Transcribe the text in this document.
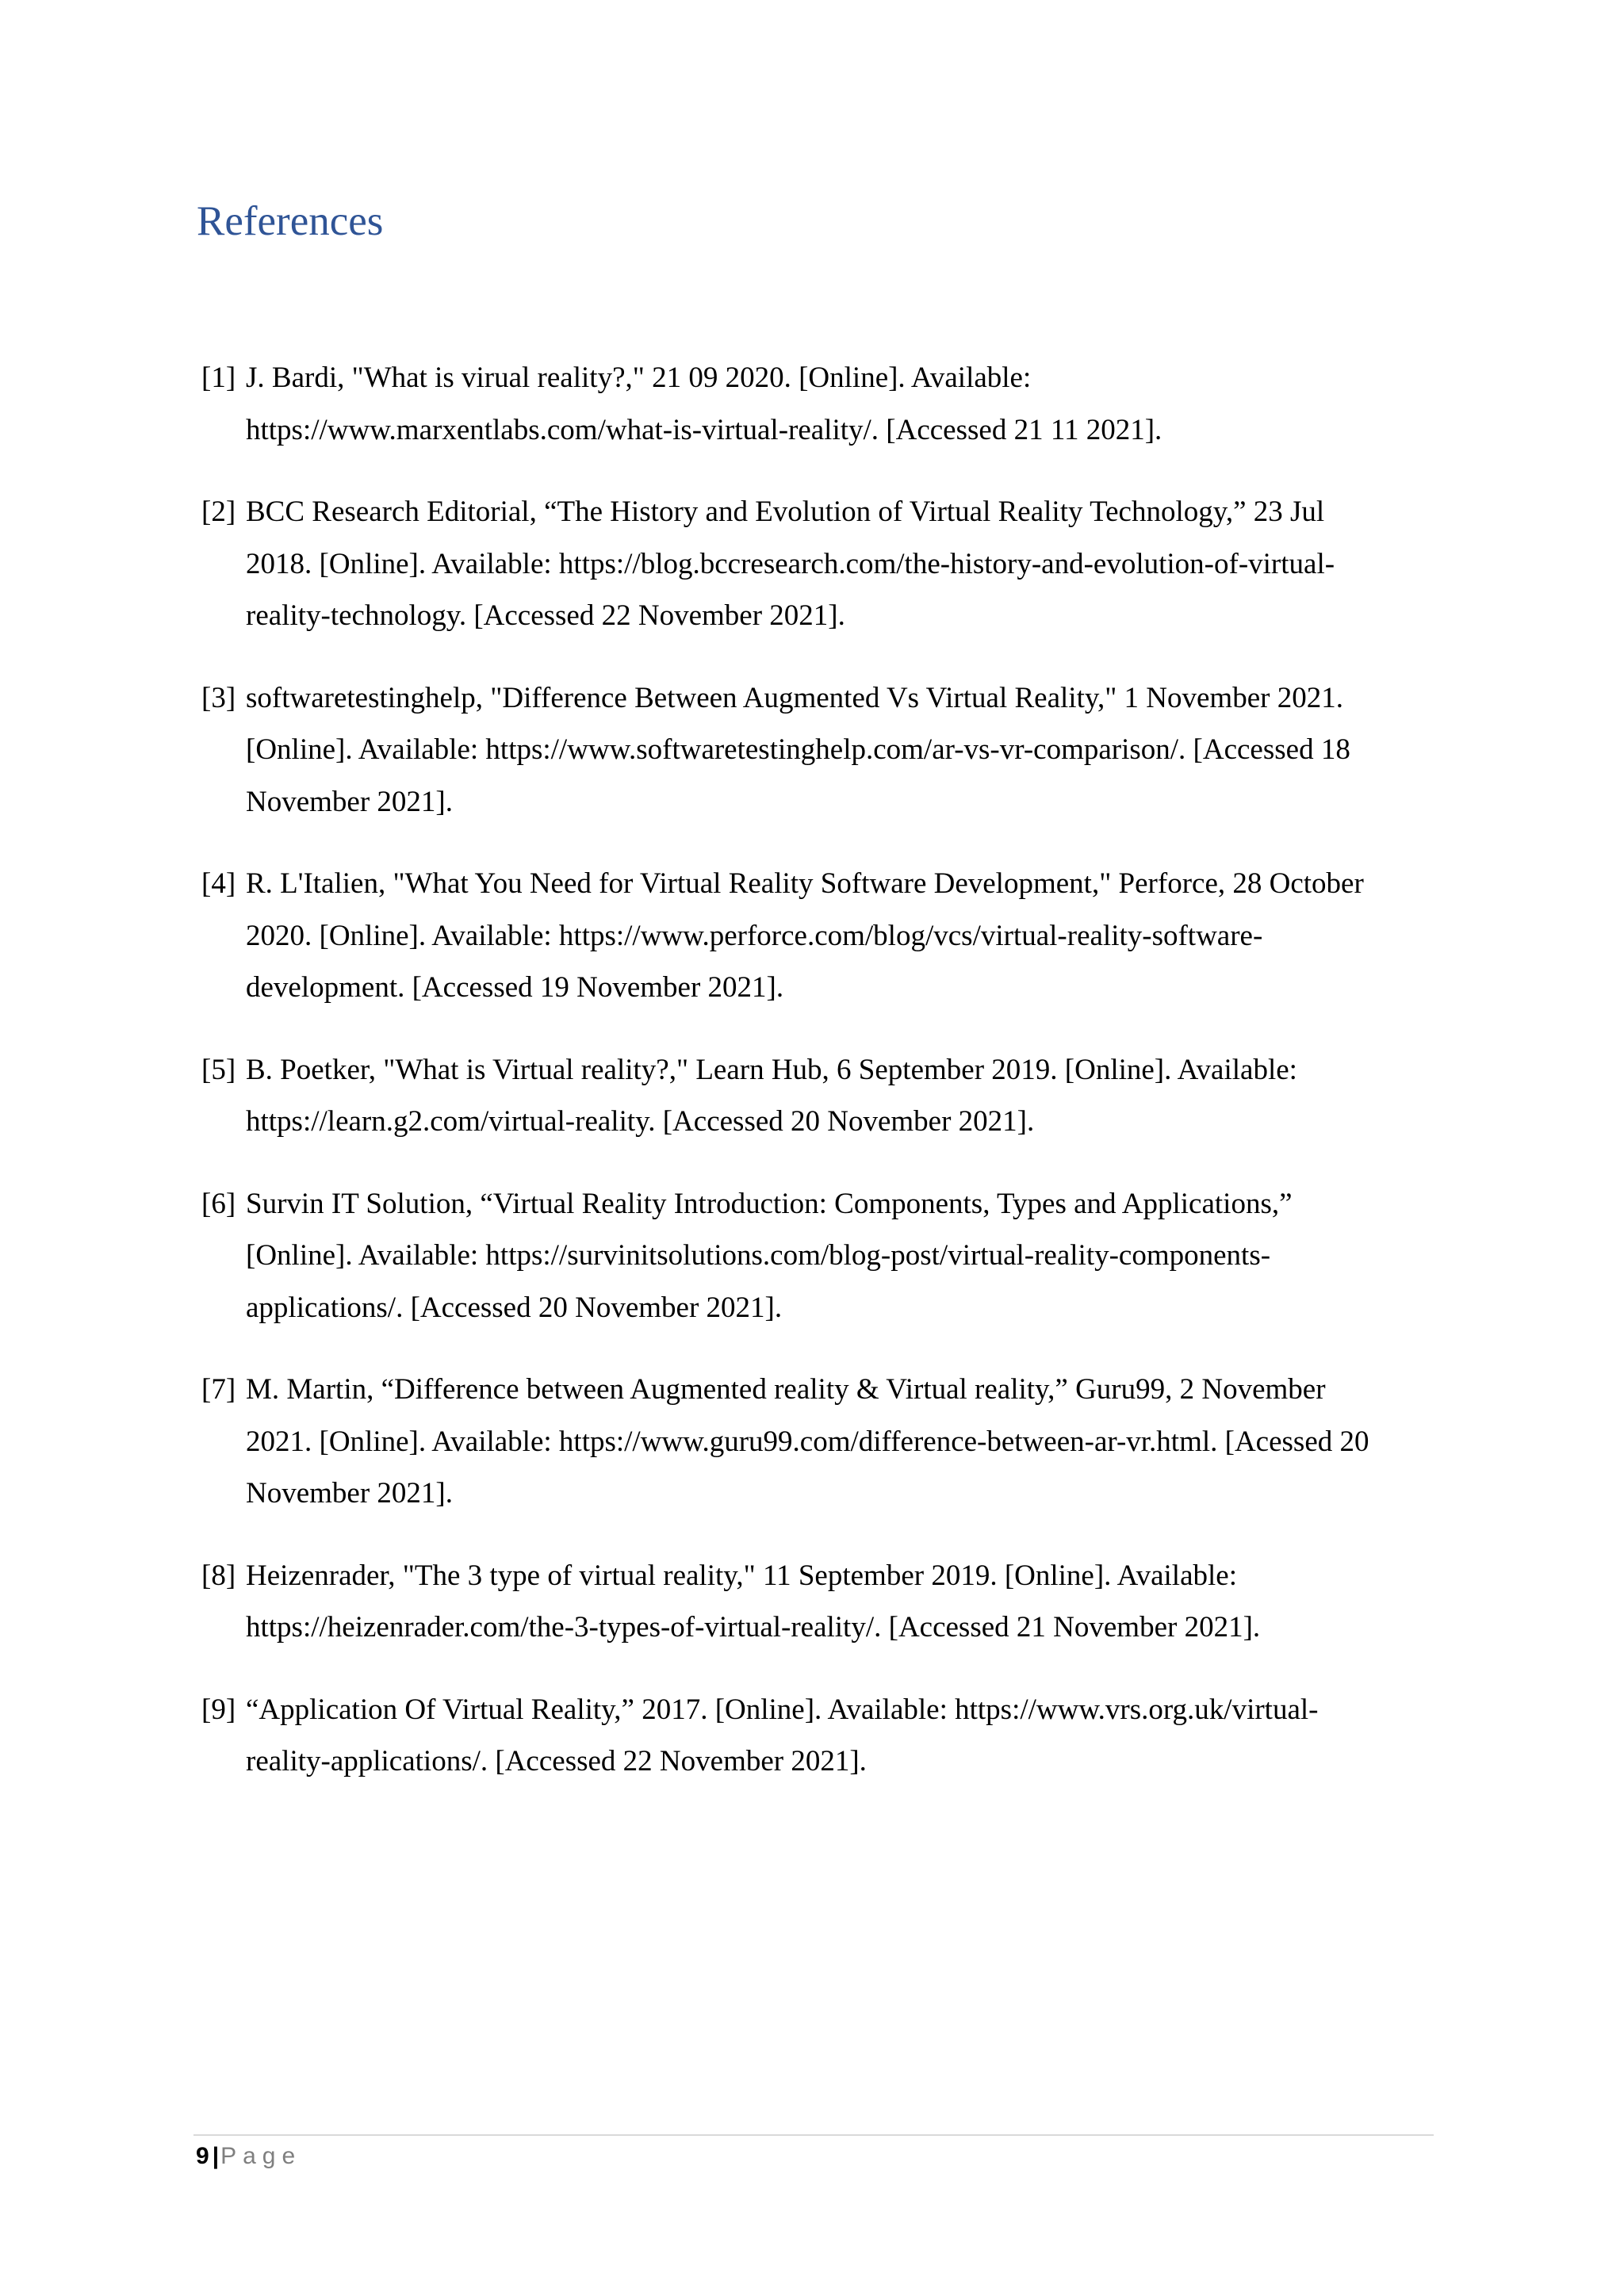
References
[1] J. Bardi, "What is virual reality?," 21 09 2020. [Online]. Available:
https://www.marxentlabs.com/what-is-virtual-reality/. [Accessed 21 11 2021].
[2] BCC Research Editorial, “The History and Evolution of Virtual Reality Technology,” 23 Jul
2018. [Online]. Available: https://blog.bccresearch.com/the-history-and-evolution-of-virtual-
reality-technology. [Accessed 22 November 2021].
[3] softwaretestinghelp, "Difference Between Augmented Vs Virtual Reality," 1 November 2021.
[Online]. Available: https://www.softwaretestinghelp.com/ar-vs-vr-comparison/. [Accessed 18
November 2021].
[4] R. L'Italien, "What You Need for Virtual Reality Software Development," Perforce, 28 October
2020. [Online]. Available: https://www.perforce.com/blog/vcs/virtual-reality-software-
development. [Accessed 19 November 2021].
[5] B. Poetker, "What is Virtual reality?," Learn Hub, 6 September 2019. [Online]. Available:
https://learn.g2.com/virtual-reality. [Accessed 20 November 2021].
[6] Survin IT Solution, “Virtual Reality Introduction: Components, Types and Applications,”
[Online]. Available: https://survinitsolutions.com/blog-post/virtual-reality-components-
applications/. [Accessed 20 November 2021].
[7] M. Martin, “Difference between Augmented reality & Virtual reality,” Guru99, 2 November
2021. [Online]. Available: https://www.guru99.com/difference-between-ar-vr.html. [Acessed 20
November 2021].
[8] Heizenrader, "The 3 type of virtual reality," 11 September 2019. [Online]. Available:
https://heizenrader.com/the-3-types-of-virtual-reality/. [Accessed 21 November 2021].
[9] “Application Of Virtual Reality,” 2017. [Online]. Available: https://www.vrs.org.uk/virtual-
reality-applications/. [Accessed 22 November 2021].
9 |Page
